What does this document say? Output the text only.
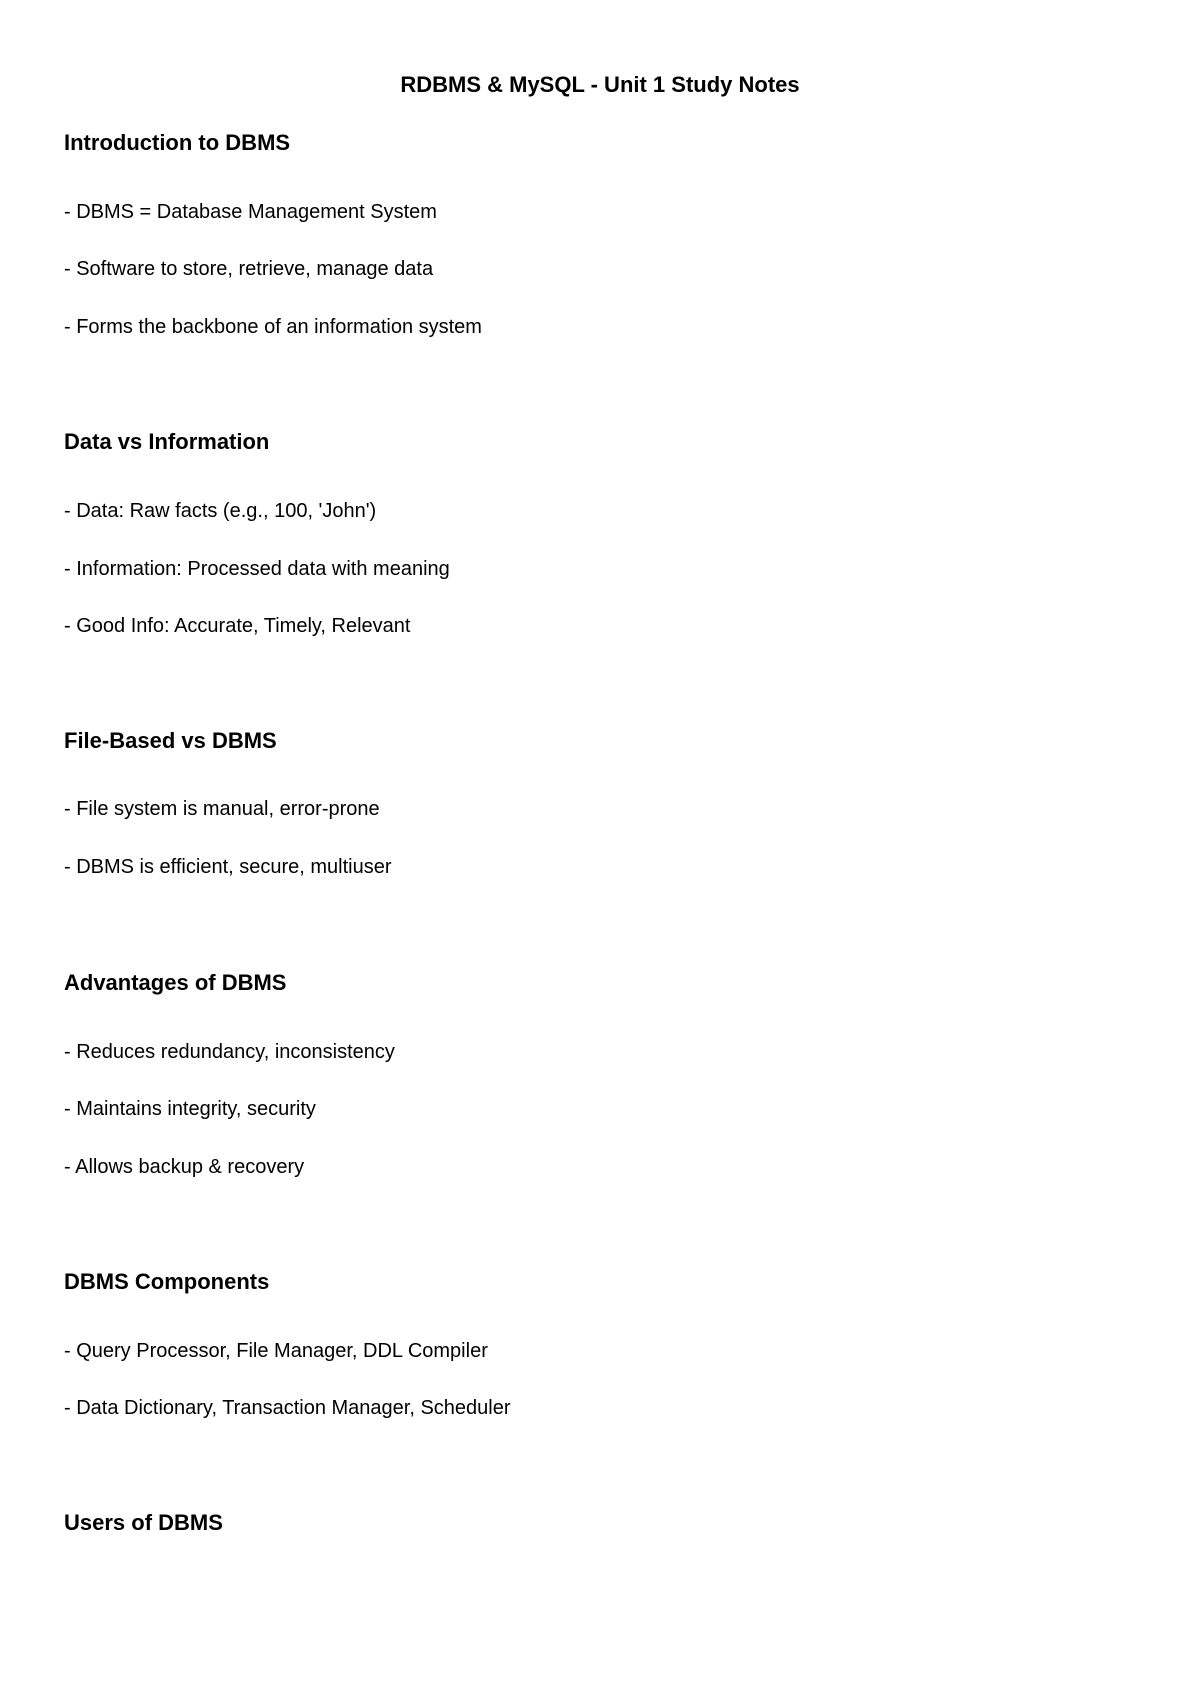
RDBMS & MySQL - Unit 1 Study Notes
Introduction to DBMS
- DBMS = Database Management System
- Software to store, retrieve, manage data
- Forms the backbone of an information system
Data vs Information
- Data: Raw facts (e.g., 100, 'John')
- Information: Processed data with meaning
- Good Info: Accurate, Timely, Relevant
File-Based vs DBMS
- File system is manual, error-prone
- DBMS is efficient, secure, multiuser
Advantages of DBMS
- Reduces redundancy, inconsistency
- Maintains integrity, security
- Allows backup & recovery
DBMS Components
- Query Processor, File Manager, DDL Compiler
- Data Dictionary, Transaction Manager, Scheduler
Users of DBMS
